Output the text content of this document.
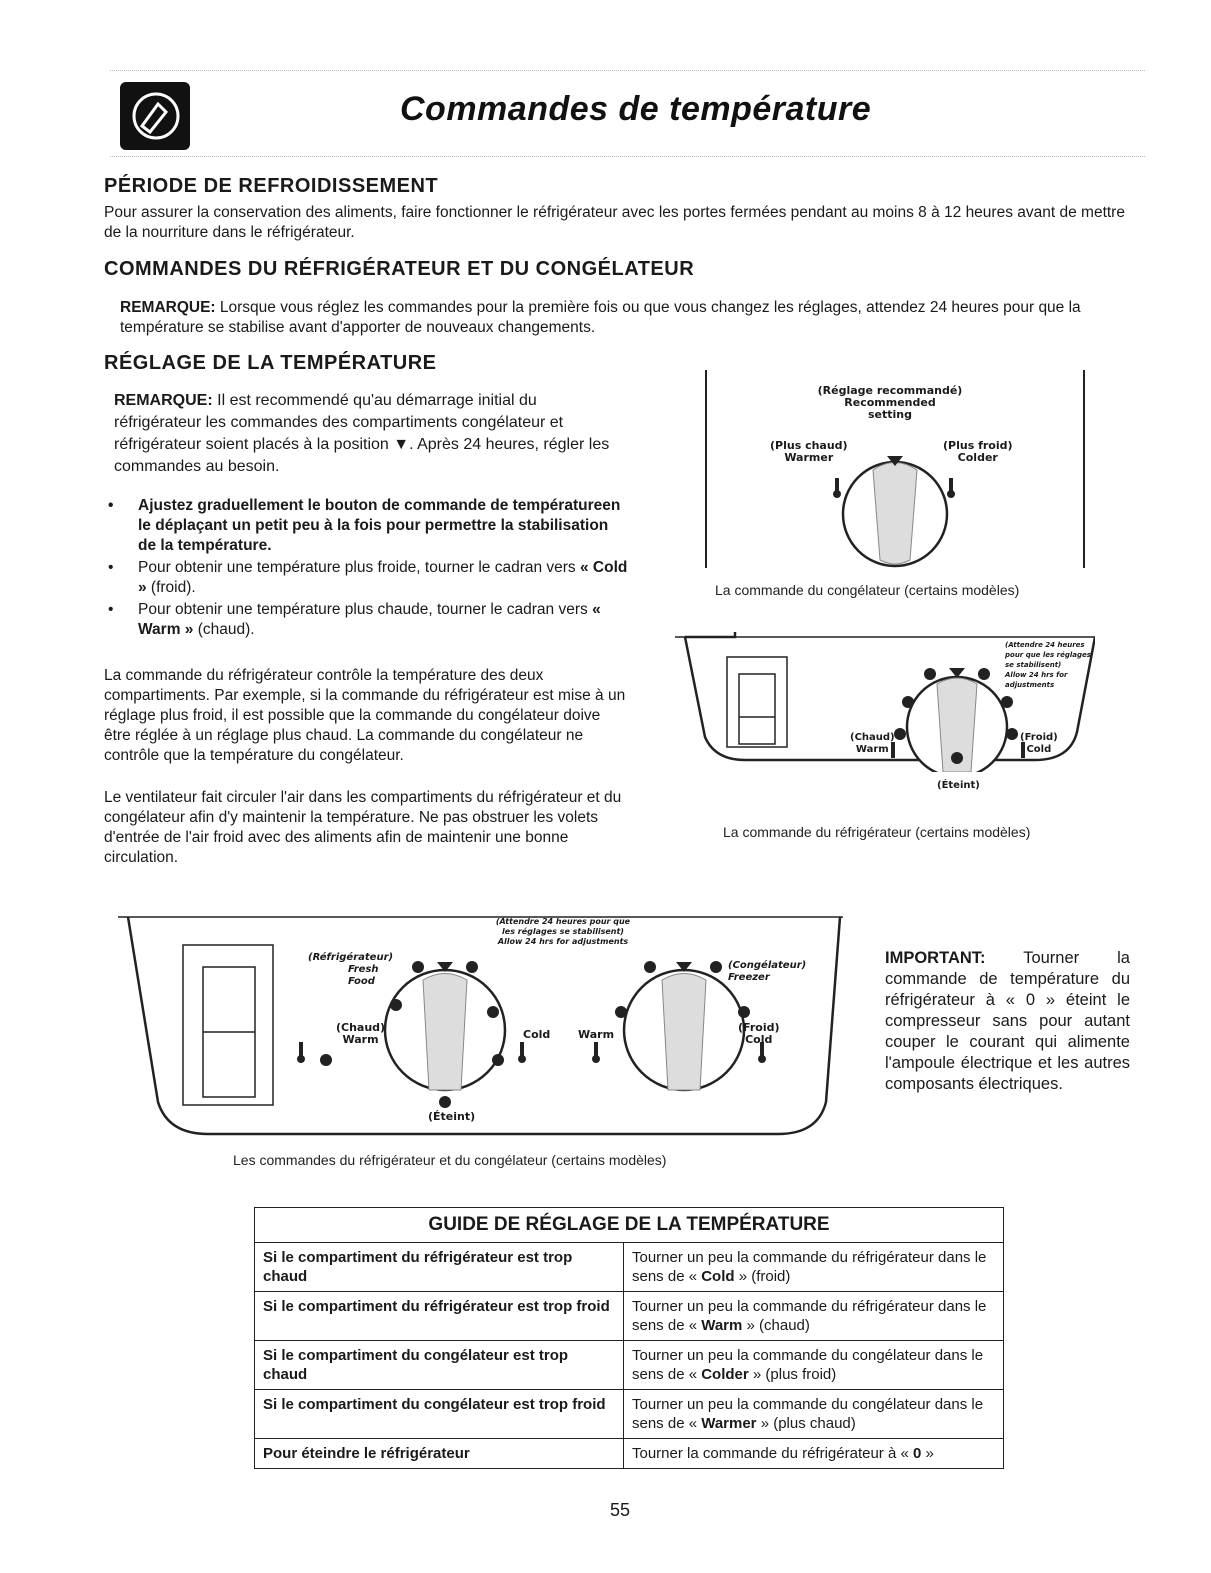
Commandes de température
PÉRIODE DE REFROIDISSEMENT
Pour assurer la conservation des aliments, faire fonctionner le réfrigérateur avec les portes fermées pendant au moins 8 à 12 heures avant de mettre de la nourriture dans le réfrigérateur.
COMMANDES DU RÉFRIGÉRATEUR ET DU CONGÉLATEUR
REMARQUE: Lorsque vous réglez les commandes pour la première fois ou que vous changez les réglages, attendez 24 heures pour que la température se stabilise avant d'apporter de nouveaux changements.
RÉGLAGE DE LA TEMPÉRATURE
REMARQUE: Il est recommendé qu'au démarrage initial du réfrigérateur les commandes des compartiments congélateur et réfrigérateur soient placés à la position ▼. Après 24 heures, régler les commandes au besoin.
• Ajustez graduellement le bouton de commande de températureen le déplaçant un petit peu à la fois pour permettre la stabilisation de la température.
• Pour obtenir une température plus froide, tourner le cadran vers « Cold » (froid).
• Pour obtenir une température plus chaude, tourner le cadran vers « Warm » (chaud).
La commande du réfrigérateur contrôle la température des deux compartiments. Par exemple, si la commande du réfrigérateur est mise à un réglage plus froid, il est possible que la commande du congélateur doive être réglée à un réglage plus chaud. La commande du congélateur ne contrôle que la température du congélateur.
Le ventilateur fait circuler l'air dans les compartiments du réfrigérateur et du congélateur afin d'y maintenir la température. Ne pas obstruer les volets d'entrée de l'air froid avec des aliments afin de maintenir une bonne circulation.
(Réglage recommandé)
Recommended
setting
(Plus chaud)
Warmer
(Plus froid)
Colder
La commande du congélateur (certains modèles)
(Attendre 24 heures pour que les réglages se stabilisent)
Allow 24 hrs for adjustments
(Chaud)
Warm
(Froid)
Cold
(Éteint)
La commande du réfrigérateur (certains modèles)
(Réfrigérateur)
Fresh
Food
(Attendre 24 heures pour que les réglages se stabilisent)
Allow 24 hrs for adjustments
(Congélateur)
Freezer
(Chaud)
Warm	Cold	Warm
(Froid)
Cold
(Éteint)
Les commandes du réfrigérateur et du congélateur (certains modèles)
IMPORTANT: Tourner la commande de température du réfrigérateur à « 0 » éteint le compresseur sans pour autant couper le courant qui alimente l'ampoule électrique et les autres composants électriques.
GUIDE DE RÉGLAGE DE LA TEMPÉRATURE	
Si le compartiment du réfrigérateur est trop chaud	Tourner un peu la commande du réfrigérateur dans le sens de « Cold » (froid)
Si le compartiment du réfrigérateur est trop froid	Tourner un peu la commande du réfrigérateur dans le sens de « Warm » (chaud)
Si le compartiment du congélateur est trop chaud	Tourner un peu la commande du congélateur dans le sens de « Colder » (plus froid)
Si le compartiment du congélateur est trop froid	Tourner un peu la commande du congélateur dans le sens de « Warmer » (plus chaud)
Pour éteindre le réfrigérateur	Tourner la commande du réfrigérateur à « 0 »
55
